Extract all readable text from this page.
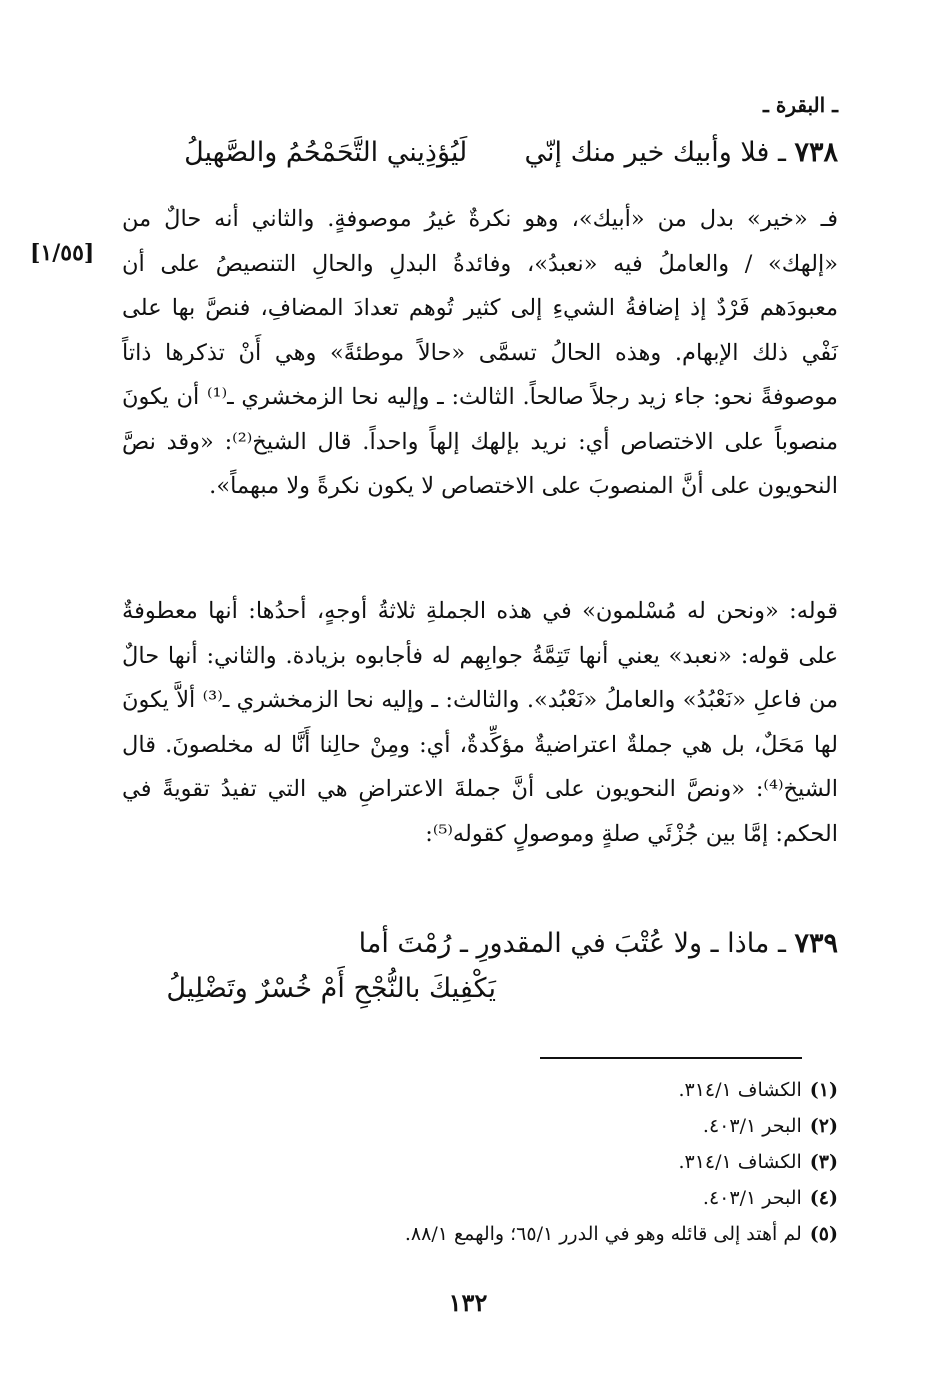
ـ البقرة ـ
٧٣٨ ـ فلا وأبيك خير منك إنّي  لَيُؤذِيني التَّحَمْحُمُ والصَّهيلُ
فـ «خير» بدل من «أبيك»، وهو نكرةٌ غيرُ موصوفةٍ. والثاني أنه حالٌ من «إلهك» / والعاملُ فيه «نعبدُ»، وفائدةُ البدلِ والحالِ التنصيصُ على أن معبودَهم فَرْدٌ إذ إضافةُ الشيءِ إلى كثير تُوهم تعدادَ المضافِ، فنصَّ بها على نَفْي ذلك الإبهام. وهذه الحالُ تسمَّى «حالاً موطئةً» وهي أَنْ تذكرها ذاتاً موصوفةً نحو: جاء زيد رجلاً صالحاً. الثالث: ـ وإليه نحا الزمخشري ـ⁽¹⁾ أن يكونَ منصوباً على الاختصاص أي: نريد بإلهك إلهاً واحداً. قال الشيخ⁽²⁾: «وقد نصَّ النحويون على أنَّ المنصوبَ على الاختصاص لا يكون نكرةً ولا مبهماً».
[١/٥٥]
قوله: «ونحن له مُسْلمون» في هذه الجملةِ ثلاثةُ أوجهٍ، أحدُها: أنها معطوفةٌ على قوله: «نعبد» يعني أنها تَتِمَّةُ جوابِهم له فأجابوه بزيادة. والثاني: أنها حالٌ من فاعلِ «نَعْبُدُ» والعاملُ «نَعْبُد». والثالث: ـ وإليه نحا الزمخشري ـ⁽³⁾ ألاَّ يكونَ لها مَحَلٌ، بل هي جملةٌ اعتراضيةٌ مؤكِّدةٌ، أي: ومِنْ حالِنا أَنَّا له مخلصونَ. قال الشيخ⁽⁴⁾: «ونصَّ النحويون على أنَّ جملةَ الاعتراضِ هي التي تفيدُ تقويةً في الحكم: إمَّا بين جُزْئَي صلةٍ وموصولٍ كقوله⁽⁵⁾:
٧٣٩ ـ ماذا ـ ولا عُتْبَ في المقدورِ ـ رُمْتَ أما
يَكْفِيكَ بالنُّجْحِ أَمْ خُسْرٌ وتَضْلِيلُ
(١)الكشاف ٣١٤/١.
(٢)البحر ٤٠٣/١.
(٣)الكشاف ٣١٤/١.
(٤)البحر ٤٠٣/١.
(٥)لم أهتد إلى قائله وهو في الدرر ٦٥/١؛ والهمع ٨٨/١.
١٣٢
